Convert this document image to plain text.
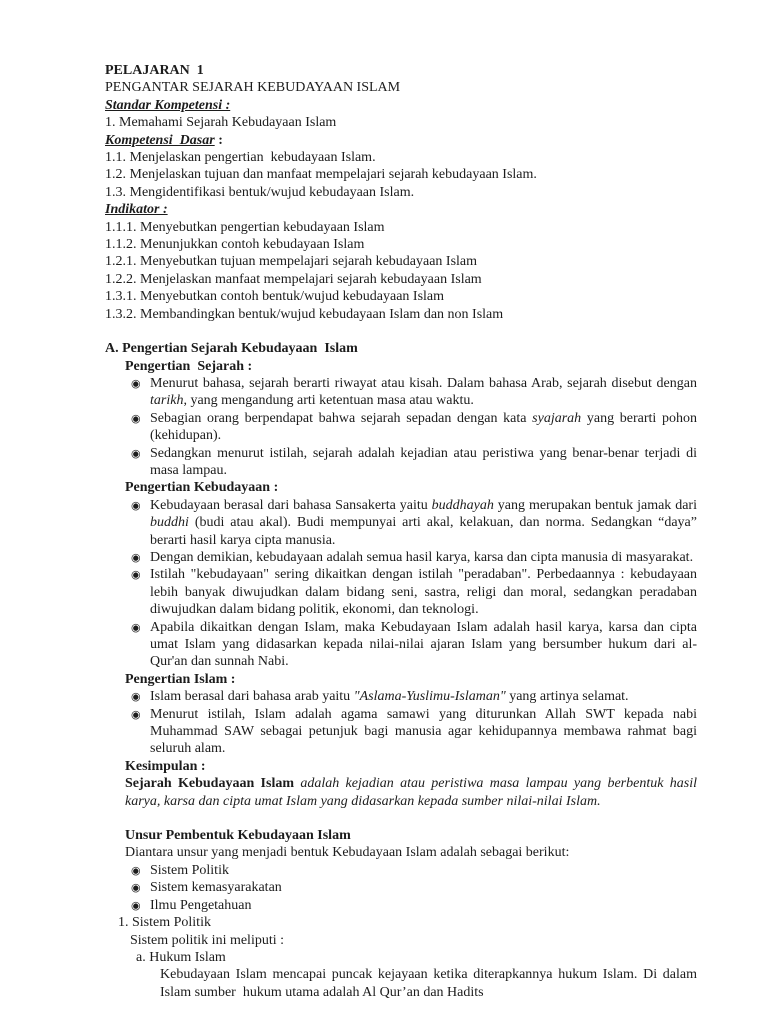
PELAJARAN  1

PENGANTAR SEJARAH KEBUDAYAAN ISLAM

Standar Kompetensi :

1. Memahami Sejarah Kebudayaan Islam

Kompetensi  Dasar :

1.1. Menjelaskan pengertian  kebudayaan Islam.

1.2. Menjelaskan tujuan dan manfaat mempelajari sejarah kebudayaan Islam.

1.3. Mengidentifikasi bentuk/wujud kebudayaan Islam.

Indikator :

1.1.1. Menyebutkan pengertian kebudayaan Islam

1.1.2. Menunjukkan contoh kebudayaan Islam

1.2.1. Menyebutkan tujuan mempelajari sejarah kebudayaan Islam

1.2.2. Menjelaskan manfaat mempelajari sejarah kebudayaan Islam

1.3.1. Menyebutkan contoh bentuk/wujud kebudayaan Islam

1.3.2. Membandingkan bentuk/wujud kebudayaan Islam dan non Islam

A. Pengertian Sejarah Kebudayaan  Islam

Pengertian  Sejarah :

◉ Menurut bahasa, sejarah berarti riwayat atau kisah. Dalam bahasa Arab, sejarah disebut dengan tarikh, yang mengandung arti ketentuan masa atau waktu.
◉ Sebagian orang berpendapat bahwa sejarah sepadan dengan kata syajarah yang berarti pohon (kehidupan).
◉ Sedangkan menurut istilah, sejarah adalah kejadian atau peristiwa yang benar-benar terjadi di masa lampau.

Pengertian Kebudayaan :

◉ Kebudayaan berasal dari bahasa Sansakerta yaitu buddhayah yang merupakan bentuk jamak dari buddhi (budi atau akal). Budi mempunyai arti akal, kelakuan, dan norma. Sedangkan “daya” berarti hasil karya cipta manusia.
◉ Dengan demikian, kebudayaan adalah semua hasil karya, karsa dan cipta manusia di masyarakat.
◉ Istilah "kebudayaan" sering dikaitkan dengan istilah "peradaban". Perbedaannya : kebudayaan lebih banyak diwujudkan dalam bidang seni, sastra, religi dan moral, sedangkan peradaban diwujudkan dalam bidang politik, ekonomi, dan teknologi.
◉ Apabila dikaitkan dengan Islam, maka Kebudayaan Islam adalah hasil karya, karsa dan cipta umat Islam yang didasarkan kepada nilai-nilai ajaran Islam yang bersumber hukum dari al-Qur'an dan sunnah Nabi.

Pengertian Islam :

◉ Islam berasal dari bahasa arab yaitu "Aslama-Yuslimu-Islaman" yang artinya selamat.
◉ Menurut istilah, Islam adalah agama samawi yang diturunkan Allah SWT kepada nabi Muhammad SAW sebagai petunjuk bagi manusia agar kehidupannya membawa rahmat bagi seluruh alam.

Kesimpulan :

Sejarah Kebudayaan Islam adalah kejadian atau peristiwa masa lampau yang berbentuk hasil karya, karsa dan cipta umat Islam yang didasarkan kepada sumber nilai-nilai Islam.

Unsur Pembentuk Kebudayaan Islam

Diantara unsur yang menjadi bentuk Kebudayaan Islam adalah sebagai berikut:

◉ Sistem Politik
◉ Sistem kemasyarakatan
◉ Ilmu Pengetahuan

1. Sistem Politik

Sistem politik ini meliputi :

a. Hukum Islam

Kebudayaan Islam mencapai puncak kejayaan ketika diterapkannya hukum Islam. Di dalam Islam sumber  hukum utama adalah Al Qur’an dan Hadits
